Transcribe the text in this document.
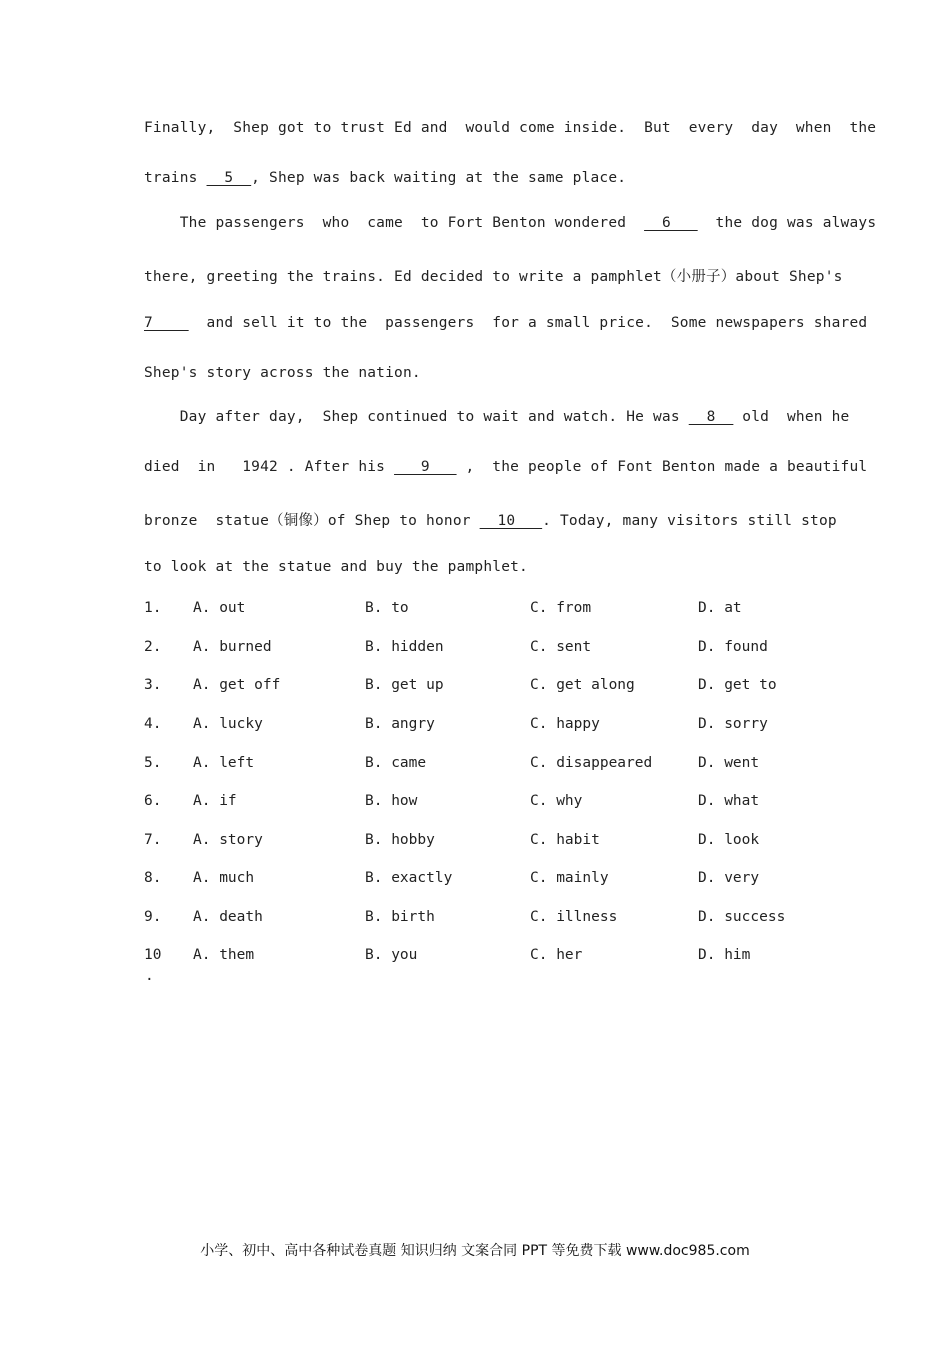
Finally,  Shep got to trust Ed and  would come inside.  But  every  day  when  the
trains   5  , Shep was back waiting at the same place.
The passengers  who  came  to Fort Benton wondered    6     the dog was always
there, greeting the trains. Ed decided to write a pamphlet（小册子）about Shep's
7      and sell it to the  passengers  for a small price.  Some newspapers shared
Shep's story across the nation.
Day after day,  Shep continued to wait and watch. He was   8   old  when he
died  in   1942 . After his    9    ,  the people of Font Benton made a beautiful
bronze  statue（铜像）of Shep to honor   10   . Today, many visitors still stop
to look at the statue and buy the pamphlet.
1. A. out	B. to	C. from	D. at
2. A. burned	B. hidden	C. sent	D. found
3. A. get off	B. get up	C. get along	D. get to
4. A. lucky	B. angry	C. happy	D. sorry
5. A. left	B. came	C. disappeared	D. went
6. A. if	B. how	C. why	D. what
7. A. story	B. hobby	C. habit	D. look
8. A. much	B. exactly	C. mainly	D. very
9. A. death	B. birth	C. illness	D. success
10 A. them	B. you	C. her	D. him
.
小学、初中、高中各种试卷真题 知识归纳 文案合同 PPT 等免费下载 www.doc985.com
